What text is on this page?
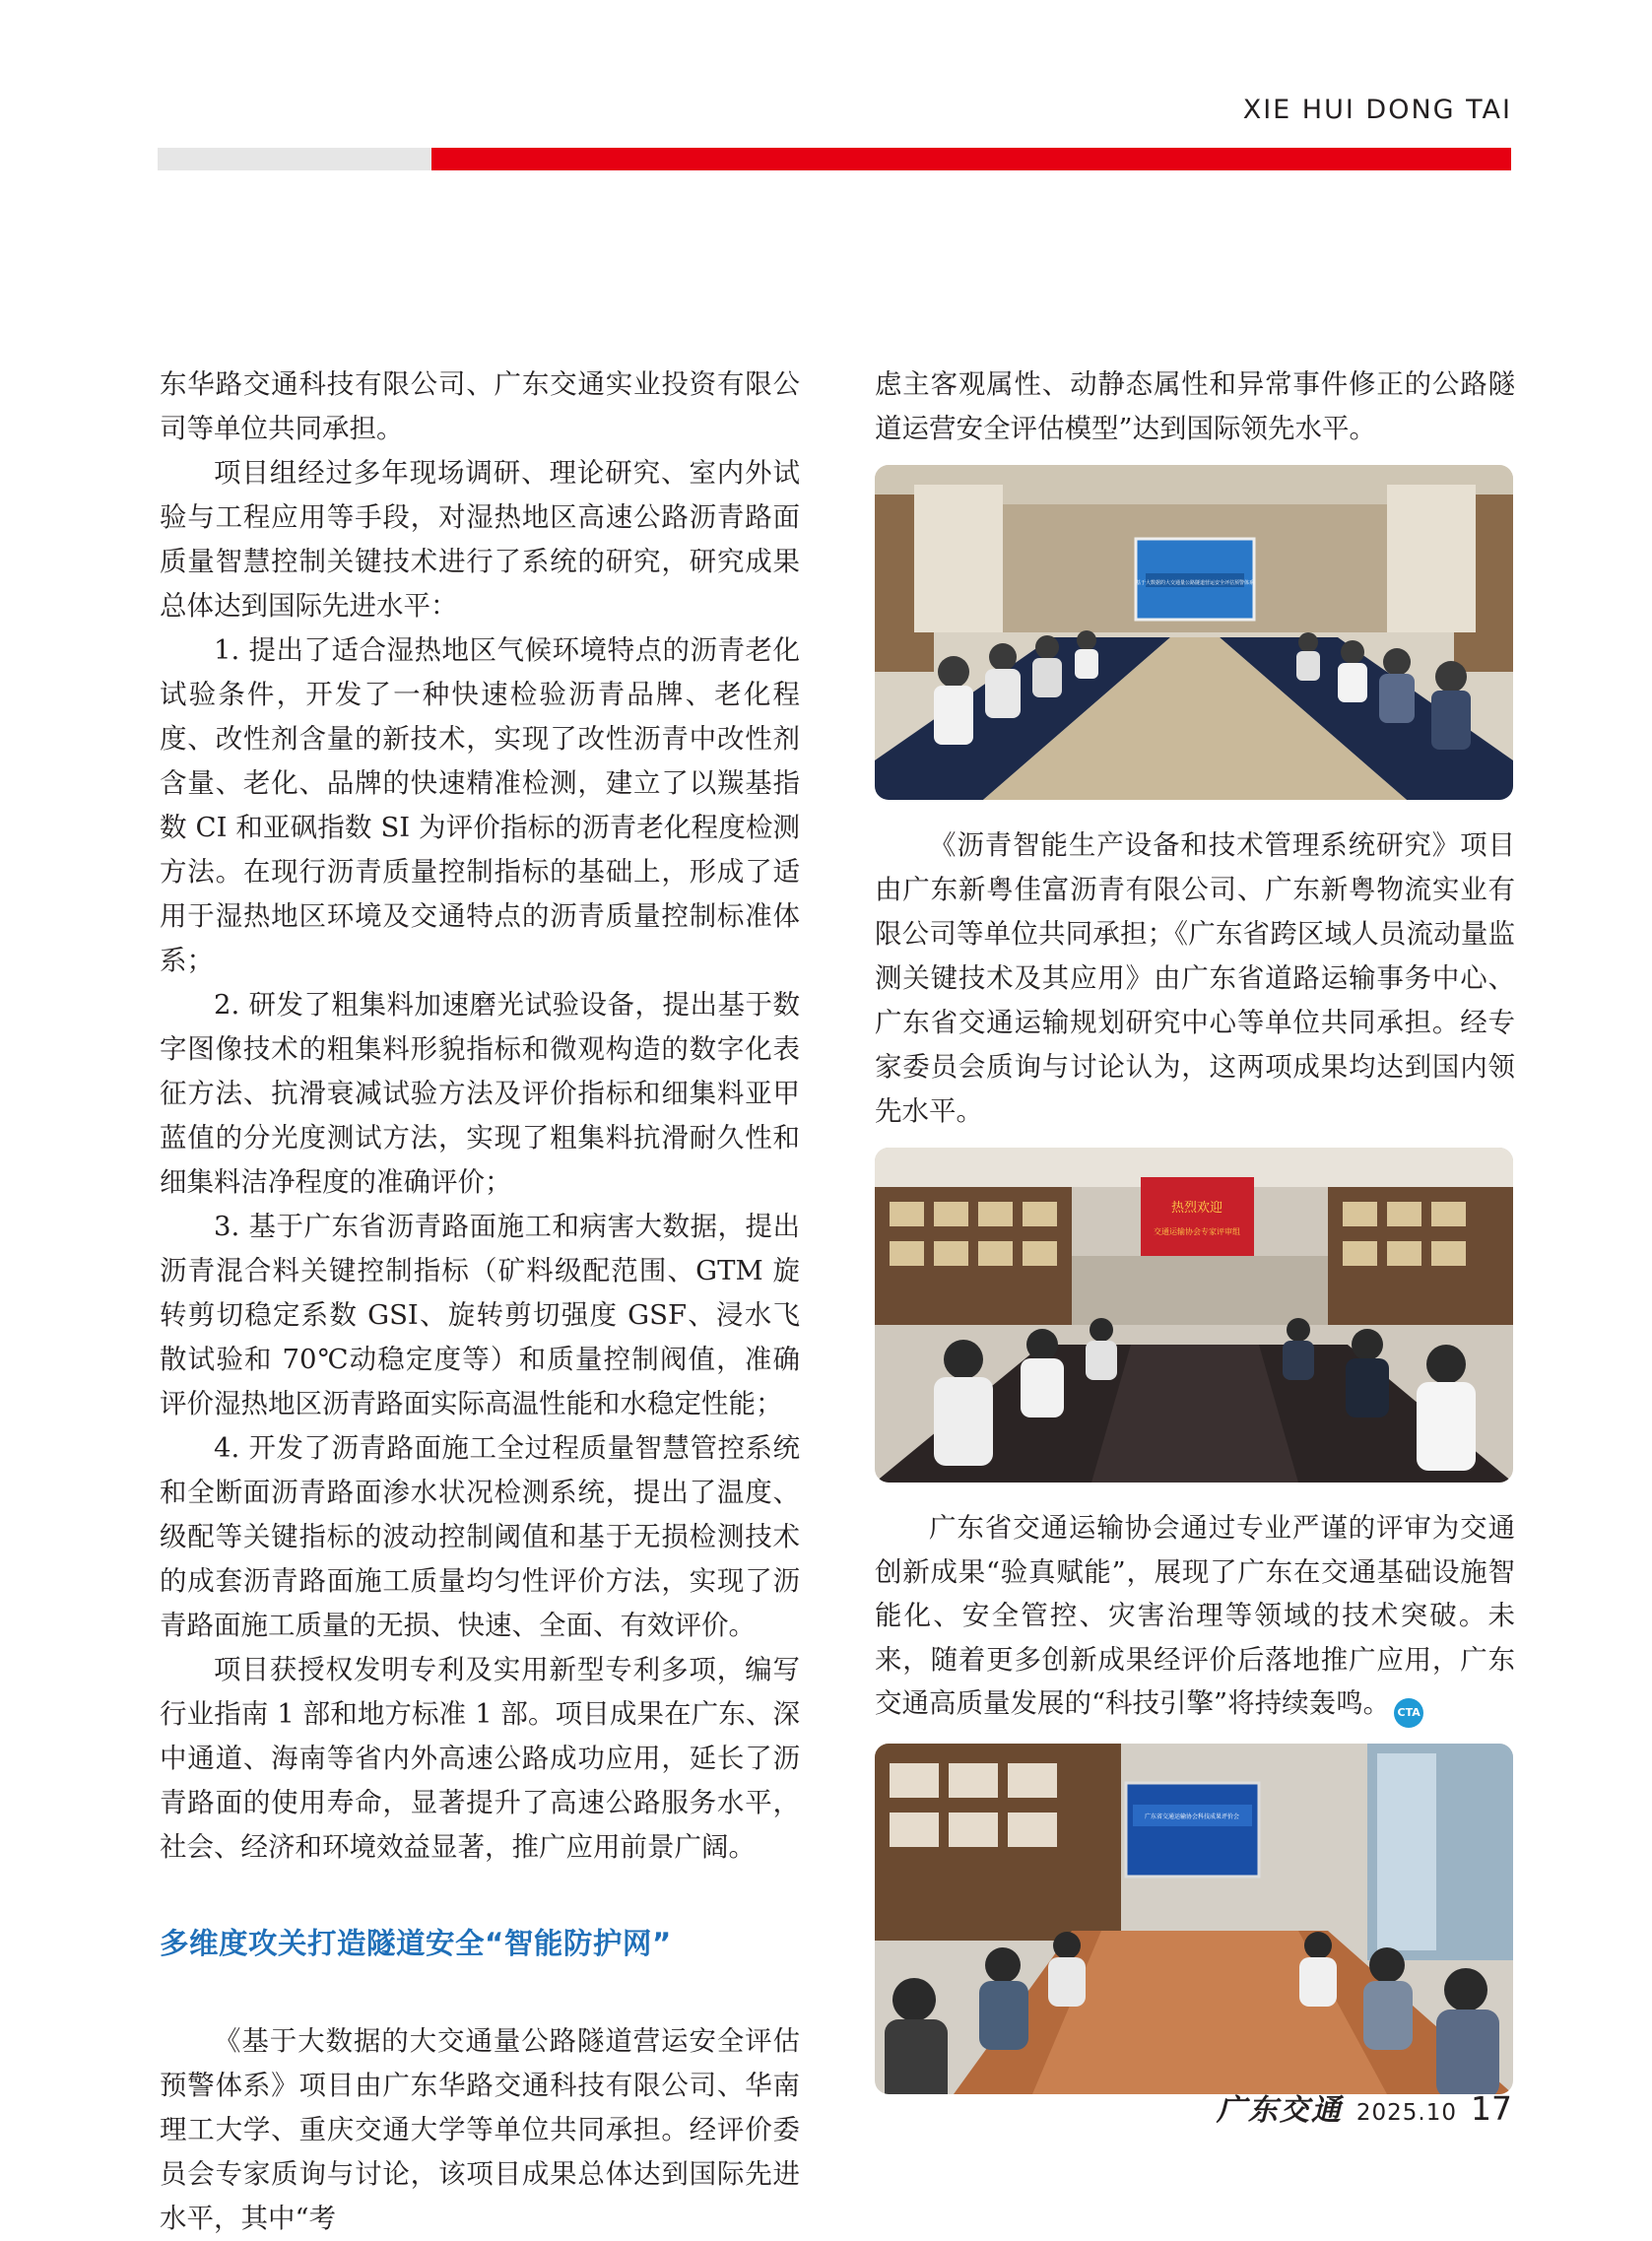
XIE HUI DONG TAI

东华路交通科技有限公司、广东交通实业投资有限公司等单位共同承担。

项目组经过多年现场调研、理论研究、室内外试验与工程应用等手段，对湿热地区高速公路沥青路面质量智慧控制关键技术进行了系统的研究，研究成果总体达到国际先进水平：

1. 提出了适合湿热地区气候环境特点的沥青老化试验条件，开发了一种快速检验沥青品牌、老化程度、改性剂含量的新技术，实现了改性沥青中改性剂含量、老化、品牌的快速精准检测，建立了以羰基指数 CI 和亚砜指数 SI 为评价指标的沥青老化程度检测方法。在现行沥青质量控制指标的基础上，形成了适用于湿热地区环境及交通特点的沥青质量控制标准体系；

2. 研发了粗集料加速磨光试验设备，提出基于数字图像技术的粗集料形貌指标和微观构造的数字化表征方法、抗滑衰减试验方法及评价指标和细集料亚甲蓝值的分光度测试方法，实现了粗集料抗滑耐久性和细集料洁净程度的准确评价；

3. 基于广东省沥青路面施工和病害大数据，提出沥青混合料关键控制指标（矿料级配范围、GTM 旋转剪切稳定系数 GSI、旋转剪切强度 GSF、浸水飞散试验和 70℃动稳定度等）和质量控制阀值，准确评价湿热地区沥青路面实际高温性能和水稳定性能；

4. 开发了沥青路面施工全过程质量智慧管控系统和全断面沥青路面渗水状况检测系统，提出了温度、级配等关键指标的波动控制阈值和基于无损检测技术的成套沥青路面施工质量均匀性评价方法，实现了沥青路面施工质量的无损、快速、全面、有效评价。

项目获授权发明专利及实用新型专利多项，编写行业指南 1 部和地方标准 1 部。项目成果在广东、深中通道、海南等省内外高速公路成功应用，延长了沥青路面的使用寿命，显著提升了高速公路服务水平，社会、经济和环境效益显著，推广应用前景广阔。

多维度攻关打造隧道安全“智能防护网”

《基于大数据的大交通量公路隧道营运安全评估预警体系》项目由广东华路交通科技有限公司、华南理工大学、重庆交通大学等单位共同承担。经评价委员会专家质询与讨论，该项目成果总体达到国际先进水平，其中“考

虑主客观属性、动静态属性和异常事件修正的公路隧道运营安全评估模型”达到国际领先水平。

基于大数据的大交通量公路隧道营运安全评估预警体系

《沥青智能生产设备和技术管理系统研究》项目由广东新粤佳富沥青有限公司、广东新粤物流实业有限公司等单位共同承担；《广东省跨区域人员流动量监测关键技术及其应用》由广东省道路运输事务中心、广东省交通运输规划研究中心等单位共同承担。经专家委员会质询与讨论认为，这两项成果均达到国内领先水平。

热烈欢迎
交通运输协会专家评审组

广东省交通运输协会通过专业严谨的评审为交通创新成果“验真赋能”，展现了广东在交通基础设施智能化、安全管控、灾害治理等领域的技术突破。未来，随着更多创新成果经评价后落地推广应用，广东交通高质量发展的“科技引擎”将持续轰鸣。 CTA

广东省交通运输协会科技成果评价会
广东交通 2025.10 17
